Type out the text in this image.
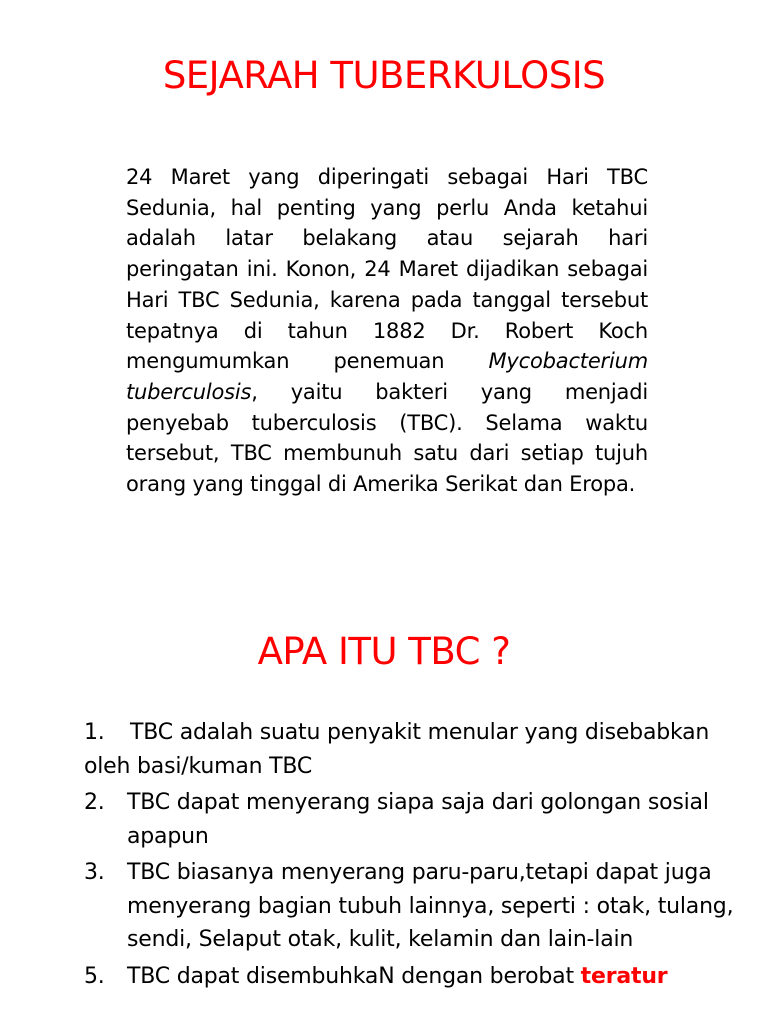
SEJARAH TUBERKULOSIS

24 Maret yang diperingati sebagai Hari TBC Sedunia, hal penting yang perlu Anda ketahui adalah latar belakang atau sejarah hari peringatan ini. Konon, 24 Maret dijadikan sebagai Hari TBC Sedunia, karena pada tanggal tersebut tepatnya di tahun 1882 Dr. Robert Koch mengumumkan penemuan Mycobacterium tuberculosis, yaitu bakteri yang menjadi penyebab tuberculosis (TBC). Selama waktu tersebut, TBC membunuh satu dari setiap tujuh orang yang tinggal di Amerika Serikat dan Eropa.

APA ITU TBC ?
1. TBC adalah suatu penyakit menular yang disebabkan oleh basi/kuman TBC
2. TBC dapat menyerang siapa saja dari golongan sosial apapun
3. TBC biasanya menyerang paru-paru,tetapi dapat juga menyerang bagian tubuh lainnya, seperti : otak, tulang, sendi, Selaput otak, kulit, kelamin dan lain-lain
5. TBC dapat disembuhkaN dengan berobat teratur
